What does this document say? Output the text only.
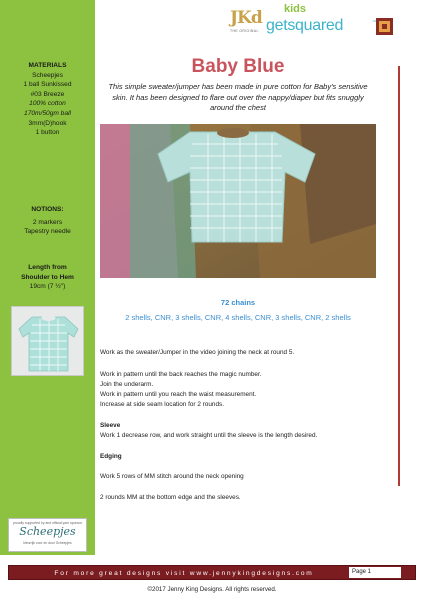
MATERIALS
Scheepjes
1 ball Sunkissed
#03 Breeze
100% cotton
170m/50gm ball
3mm(D)hook
1 button
NOTIONS:
2 markers
Tapestry needle
Length from
Shoulder to Hem
19cm (7 ½")
proudly supported by and official yarn sponsor
Scheepjes
kleurrijk voor en door Scheepjes
JKd
THE ORIGINAL
kids
getsquared	™
Baby Blue
This simple sweater/jumper has been made in pure cotton for Baby's sensitive skin. It has been designed to flare out over the nappy/diaper but fits snuggly around the chest
72 chains
2 shells, CNR, 3 shells, CNR, 4 shells, CNR, 3 shells, CNR, 2 shells
Work as the sweater/Jumper in the video joining the neck at round 5.
Work in pattern until the back reaches the magic number.
Join the underarm.
Work in pattern until you reach the waist measurement.
Increase at side seam location for 2 rounds.
Sleeve
Work 1 decrease row, and work straight until the sleeve is the length desired.
Edging
Work 5 rows of MM stitch around the neck opening
2 rounds MM at the bottom edge and the sleeves.
For more great designs visit www.jennykingdesigns.com	Page 1
©2017 Jenny King Designs. All rights reserved.
